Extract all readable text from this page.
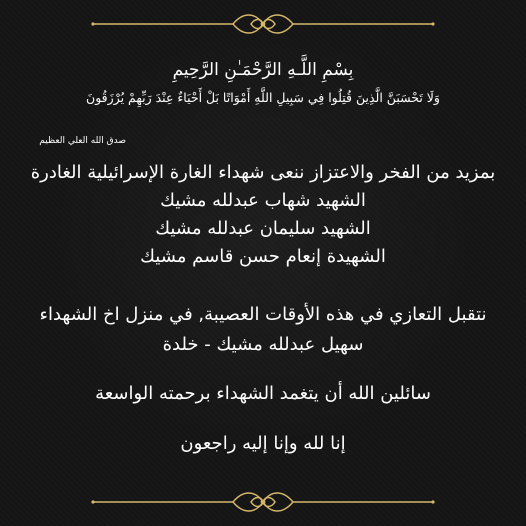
بِسْمِ اللَّـهِ الرَّحْمَـٰنِ الرَّحِيمِ
وَلَا تَحْسَبَنَّ الَّذِينَ قُتِلُوا فِي سَبِيلِ اللَّهِ أَمْوَاتًا بَلْ أَحْيَاءٌ عِنْدَ رَبِّهِمْ يُرْزَقُونَ
صدق الله العلي العظيم
بمزيد من الفخر والاعتزاز ننعى شهداء الغارة الإسرائيلية الغادرة
الشهيد شهاب عبدلله مشيك
الشهيد سليمان عبدلله مشيك
الشهيدة إنعام حسن قاسم مشيك
نتقبل التعازي في هذه الأوقات العصيبة, في منزل اخ الشهداء
سهيل عبدلله مشيك - خلدة
سائلين الله أن يتغمد الشهداء برحمته الواسعة
إنا لله وإنا إليه راجعون
